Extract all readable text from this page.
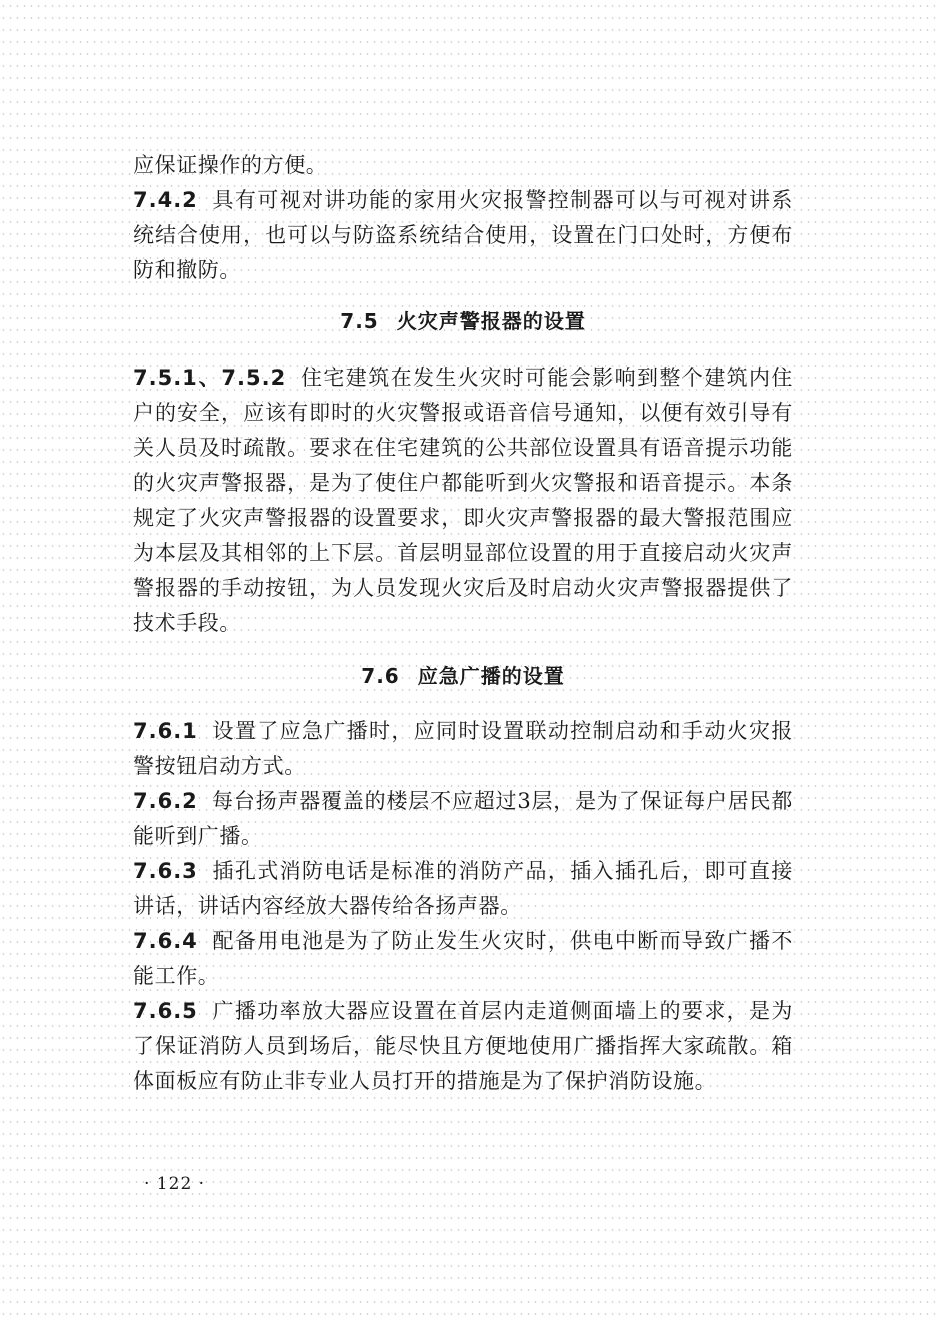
应保证操作的方便。

7.4.2 具有可视对讲功能的家用火灾报警控制器可以与可视对讲系统结合使用，也可以与防盗系统结合使用，设置在门口处时，方便布防和撤防。

7.5 火灾声警报器的设置

7.5.1、7.5.2 住宅建筑在发生火灾时可能会影响到整个建筑内住户的安全，应该有即时的火灾警报或语音信号通知，以便有效引导有关人员及时疏散。要求在住宅建筑的公共部位设置具有语音提示功能的火灾声警报器，是为了使住户都能听到火灾警报和语音提示。本条规定了火灾声警报器的设置要求，即火灾声警报器的最大警报范围应为本层及其相邻的上下层。首层明显部位设置的用于直接启动火灾声警报器的手动按钮，为人员发现火灾后及时启动火灾声警报器提供了技术手段。

7.6 应急广播的设置

7.6.1 设置了应急广播时，应同时设置联动控制启动和手动火灾报警按钮启动方式。

7.6.2 每台扬声器覆盖的楼层不应超过3层，是为了保证每户居民都能听到广播。

7.6.3 插孔式消防电话是标准的消防产品，插入插孔后，即可直接讲话，讲话内容经放大器传给各扬声器。

7.6.4 配备用电池是为了防止发生火灾时，供电中断而导致广播不能工作。

7.6.5 广播功率放大器应设置在首层内走道侧面墙上的要求，是为了保证消防人员到场后，能尽快且方便地使用广播指挥大家疏散。箱体面板应有防止非专业人员打开的措施是为了保护消防设施。

· 122 ·
